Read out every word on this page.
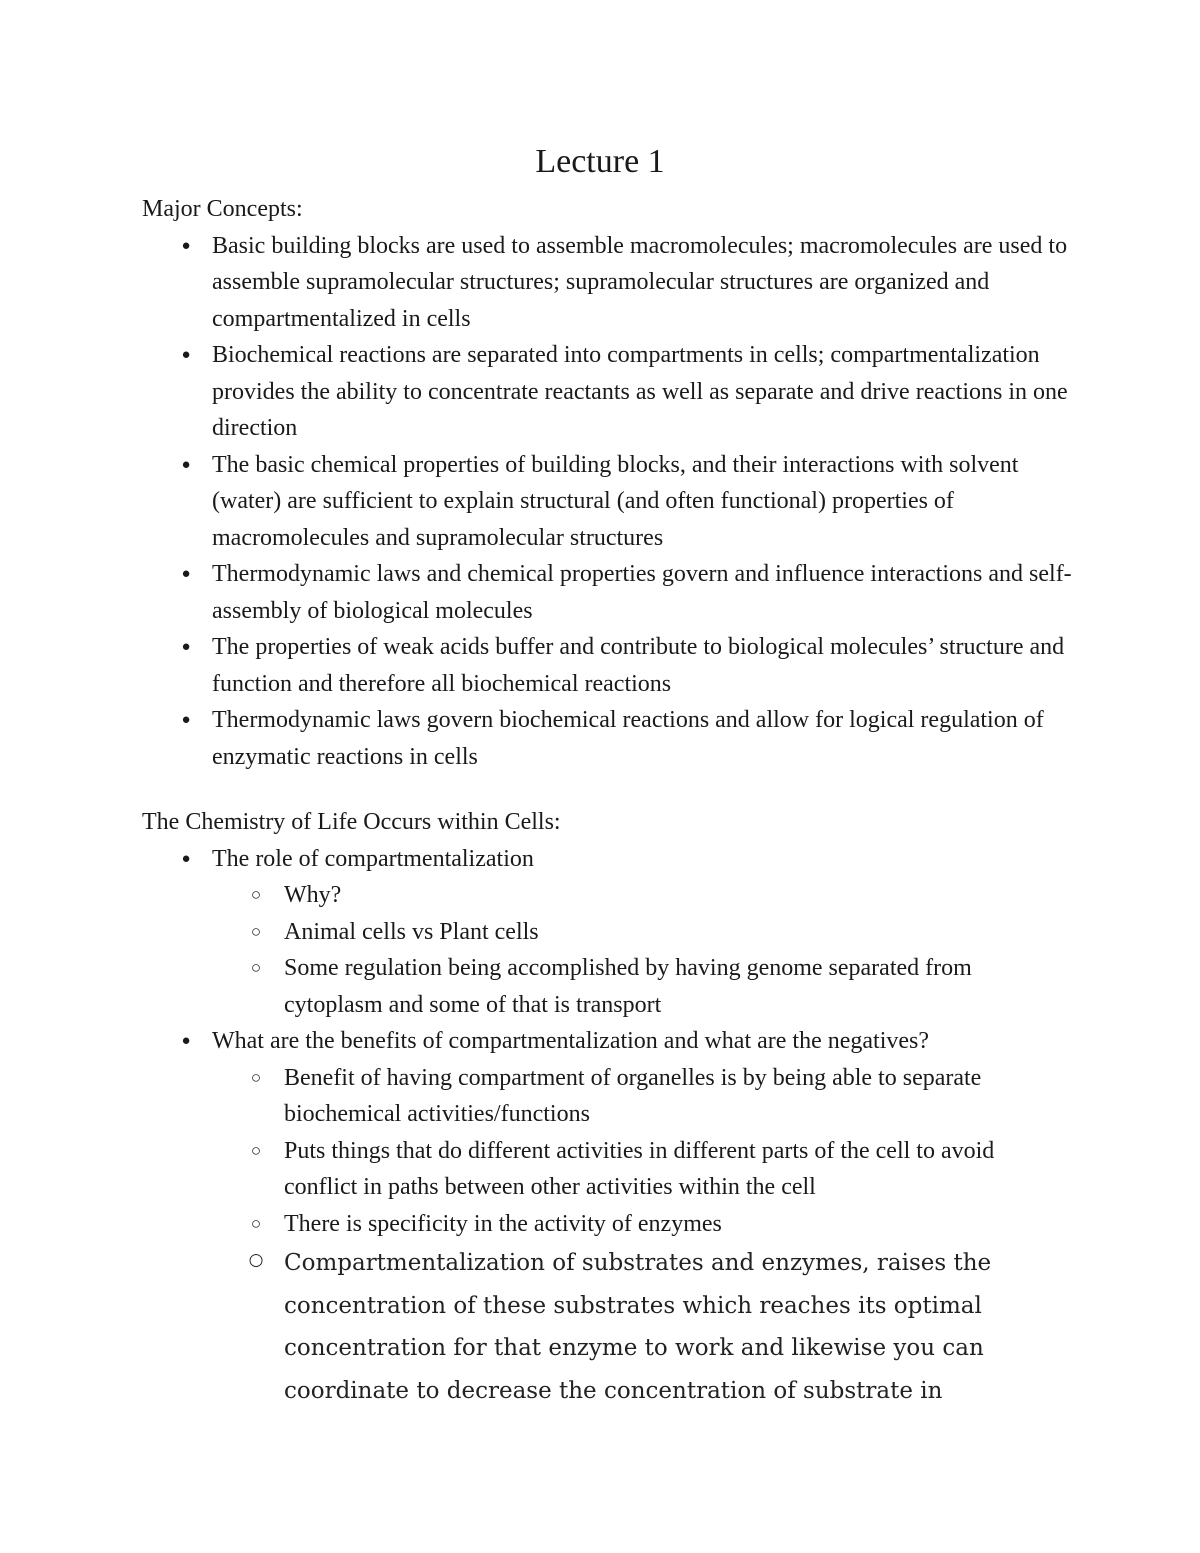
Lecture 1

Major Concepts:

● Basic building blocks are used to assemble macromolecules; macromolecules are used to assemble supramolecular structures; supramolecular structures are organized and compartmentalized in cells
● Biochemical reactions are separated into compartments in cells; compartmentalization provides the ability to concentrate reactants as well as separate and drive reactions in one direction
● The basic chemical properties of building blocks, and their interactions with solvent (water) are sufficient to explain structural (and often functional) properties of macromolecules and supramolecular structures
● Thermodynamic laws and chemical properties govern and influence interactions and self-assembly of biological molecules
● The properties of weak acids buffer and contribute to biological molecules’ structure and function and therefore all biochemical reactions
● Thermodynamic laws govern biochemical reactions and allow for logical regulation of enzymatic reactions in cells

The Chemistry of Life Occurs within Cells:

● The role of compartmentalization
○ Why?
○ Animal cells vs Plant cells
○ Some regulation being accomplished by having genome separated from cytoplasm and some of that is transport
● What are the benefits of compartmentalization and what are the negatives?
○ Benefit of having compartment of organelles is by being able to separate biochemical activities/functions
○ Puts things that do different activities in different parts of the cell to avoid conflict in paths between other activities within the cell
○ There is specificity in the activity of enzymes
○ Compartmentalization of substrates and enzymes, raises the concentration of these substrates which reaches its optimal concentration for that enzyme to work and likewise you can coordinate to decrease the concentration of substrate in
